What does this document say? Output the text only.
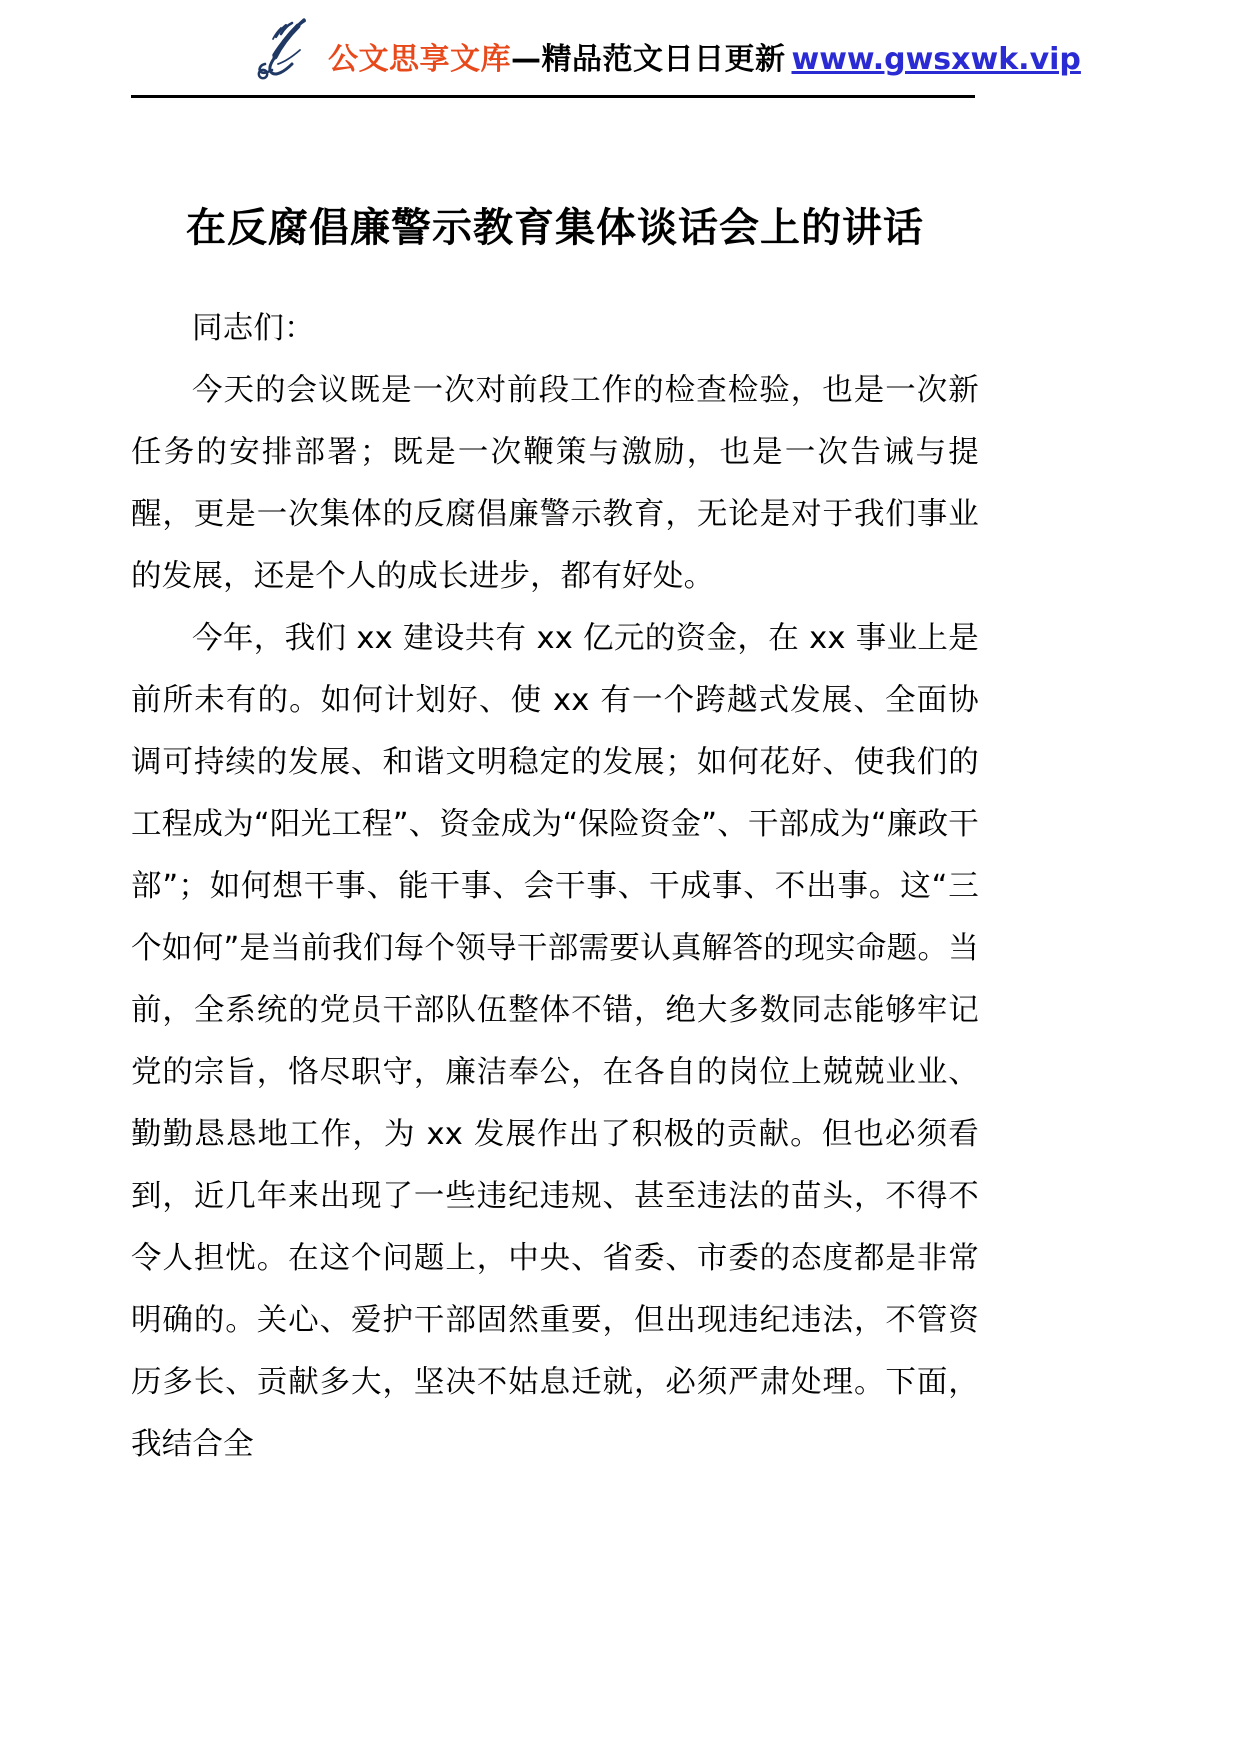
公文思享文库 —精品范文日日更新 www.gwsxwk.vip
在反腐倡廉警示教育集体谈话会上的讲话

同志们：

今天的会议既是一次对前段工作的检查检验，也是一次新任务的安排部署；既是一次鞭策与激励，也是一次告诫与提醒，更是一次集体的反腐倡廉警示教育，无论是对于我们事业的发展，还是个人的成长进步，都有好处。

今年，我们 xx 建设共有 xx 亿元的资金，在 xx 事业上是前所未有的。如何计划好、使 xx 有一个跨越式发展、全面协调可持续的发展、和谐文明稳定的发展；如何花好、使我们的工程成为“阳光工程”、资金成为“保险资金”、干部成为“廉政干部”；如何想干事、能干事、会干事、干成事、不出事。这“三个如何”是当前我们每个领导干部需要认真解答的现实命题。当前，全系统的党员干部队伍整体不错，绝大多数同志能够牢记党的宗旨，恪尽职守，廉洁奉公，在各自的岗位上兢兢业业、勤勤恳恳地工作，为 xx 发展作出了积极的贡献。但也必须看到，近几年来出现了一些违纪违规、甚至违法的苗头，不得不令人担忧。在这个问题上，中央、省委、市委的态度都是非常明确的。关心、爱护干部固然重要，但出现违纪违法，不管资历多长、贡献多大，坚决不姑息迁就，必须严肃处理。下面，我结合全
